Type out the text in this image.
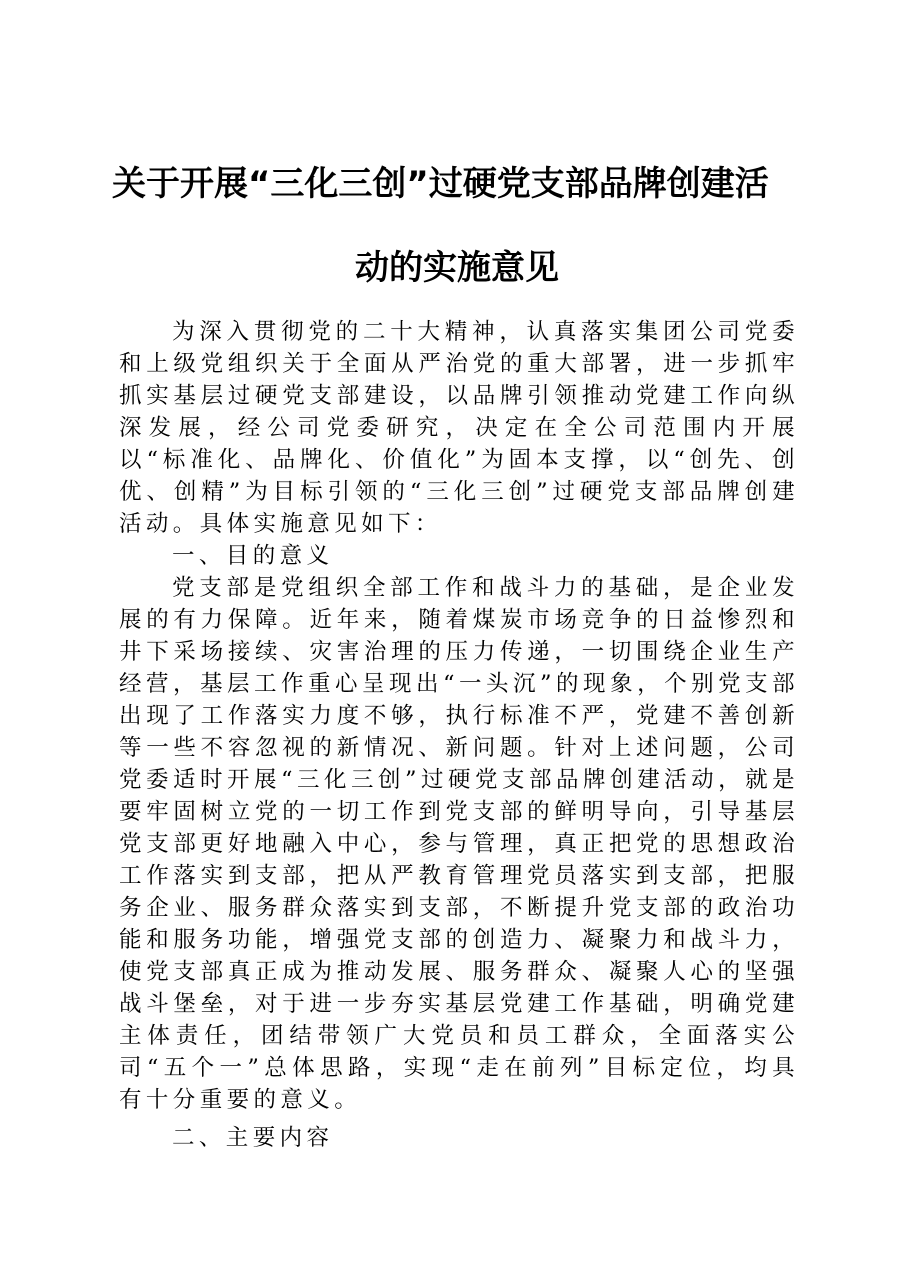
关于开展“三化三创”过硬党支部品牌创建活

动的实施意见

为深入贯彻党的二十大精神，认真落实集团公司党委和上级党组织关于全面从严治党的重大部署，进一步抓牢抓实基层过硬党支部建设，以品牌引领推动党建工作向纵深发展，经公司党委研究，决定在全公司范围内开展以“标准化、品牌化、价值化”为固本支撑，以“创先、创优、创精”为目标引领的“三化三创”过硬党支部品牌创建活动。具体实施意见如下：

一、目的意义

党支部是党组织全部工作和战斗力的基础，是企业发展的有力保障。近年来，随着煤炭市场竞争的日益惨烈和井下采场接续、灾害治理的压力传递，一切围绕企业生产经营，基层工作重心呈现出“一头沉”的现象，个别党支部出现了工作落实力度不够，执行标准不严，党建不善创新等一些不容忽视的新情况、新问题。针对上述问题，公司党委适时开展“三化三创”过硬党支部品牌创建活动，就是要牢固树立党的一切工作到党支部的鲜明导向，引导基层党支部更好地融入中心，参与管理，真正把党的思想政治工作落实到支部，把从严教育管理党员落实到支部，把服务企业、服务群众落实到支部，不断提升党支部的政治功能和服务功能，增强党支部的创造力、凝聚力和战斗力，使党支部真正成为推动发展、服务群众、凝聚人心的坚强战斗堡垒，对于进一步夯实基层党建工作基础，明确党建主体责任，团结带领广大党员和员工群众，全面落实公司“五个一”总体思路，实现“走在前列”目标定位，均具有十分重要的意义。

二、主要内容
